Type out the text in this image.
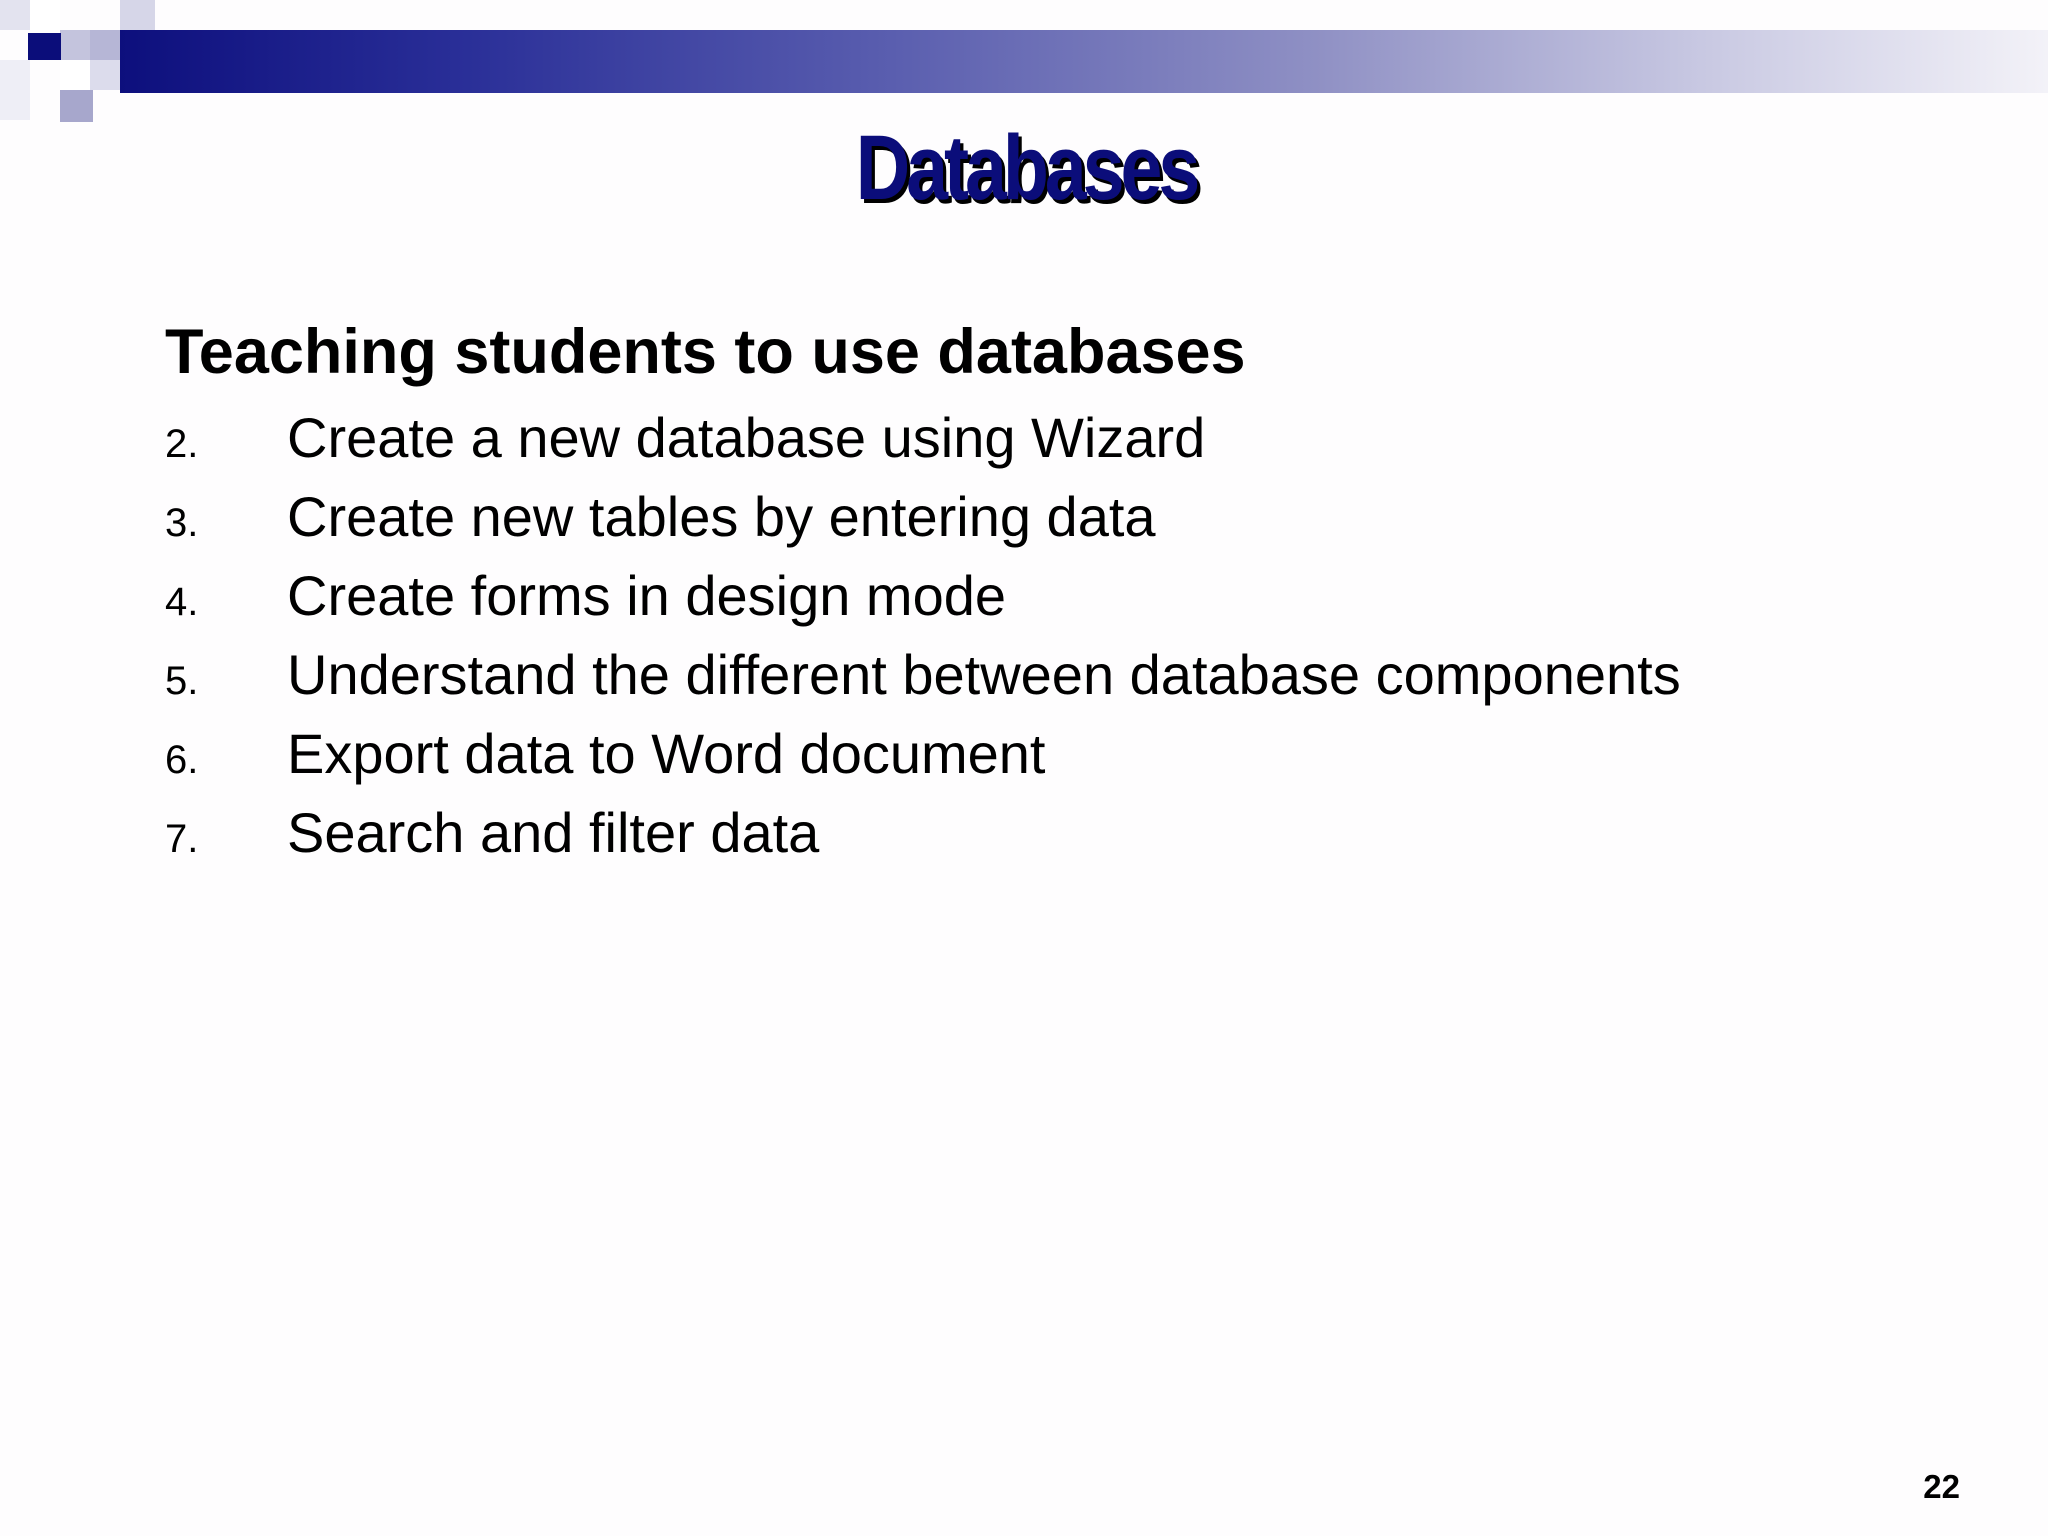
Databases
Teaching students to use databases
2.	Create a new database using Wizard
3.	Create new tables by entering data
4.	Create forms in design mode
5.	Understand the different between database components
6.	Export data to Word document
7.	Search and filter data
22
